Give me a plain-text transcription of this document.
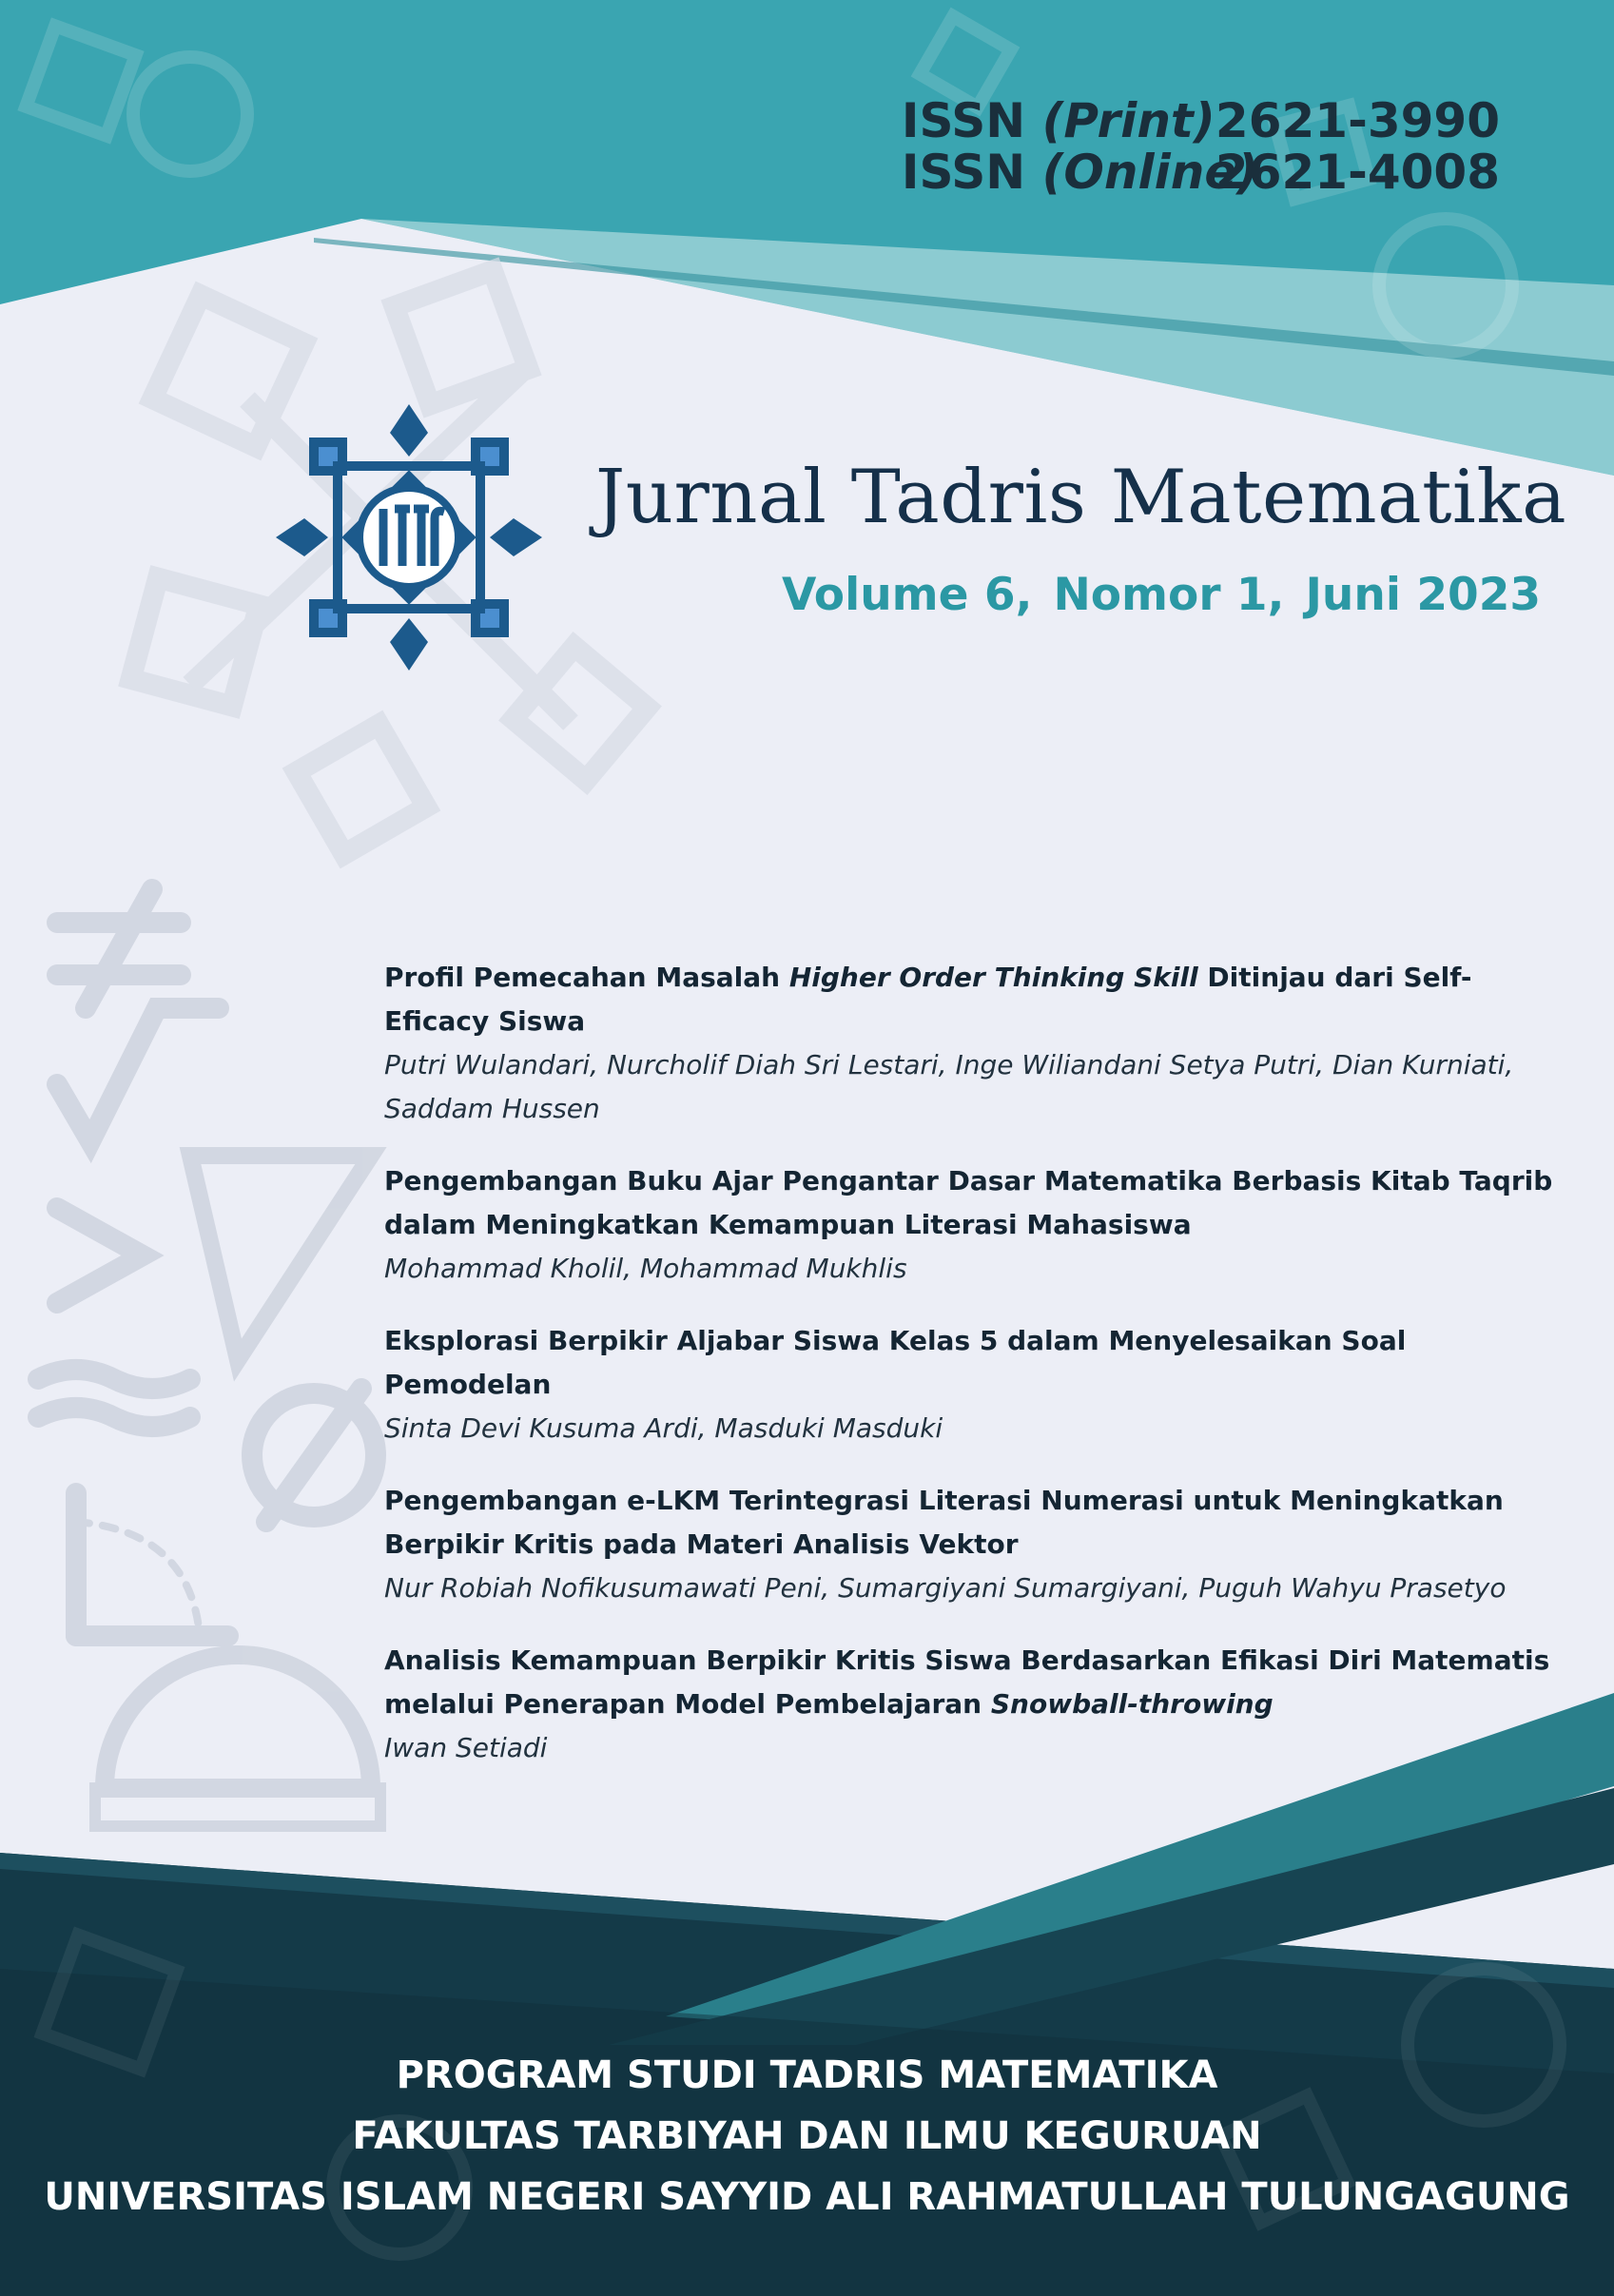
ISSN (Print) 2621-3990
ISSN (Online)
2621-4008
Jurnal Tadris Matematika
Volume 6, Nomor 1, Juni 2023
Profil Pemecahan Masalah Higher Order Thinking Skill Ditinjau dari Self-Eficacy Siswa
Putri Wulandari, Nurcholif Diah Sri Lestari, Inge Wiliandani Setya Putri, Dian Kurniati, Saddam Hussen
Pengembangan Buku Ajar Pengantar Dasar Matematika Berbasis Kitab Taqrib dalam Meningkatkan Kemampuan Literasi Mahasiswa
Mohammad Kholil, Mohammad Mukhlis
Eksplorasi Berpikir Aljabar Siswa Kelas 5 dalam Menyelesaikan Soal Pemodelan
Sinta Devi Kusuma Ardi, Masduki Masduki
Pengembangan e-LKM Terintegrasi Literasi Numerasi untuk Meningkatkan Berpikir Kritis pada Materi Analisis Vektor
Nur Robiah Nofikusumawati Peni, Sumargiyani Sumargiyani, Puguh Wahyu Prasetyo
Analisis Kemampuan Berpikir Kritis Siswa Berdasarkan Efikasi Diri Matematis melalui Penerapan Model Pembelajaran Snowball-throwing
Iwan Setiadi
PROGRAM STUDI TADRIS MATEMATIKA
FAKULTAS TARBIYAH DAN ILMU KEGURUAN
UNIVERSITAS ISLAM NEGERI SAYYID ALI RAHMATULLAH TULUNGAGUNG
